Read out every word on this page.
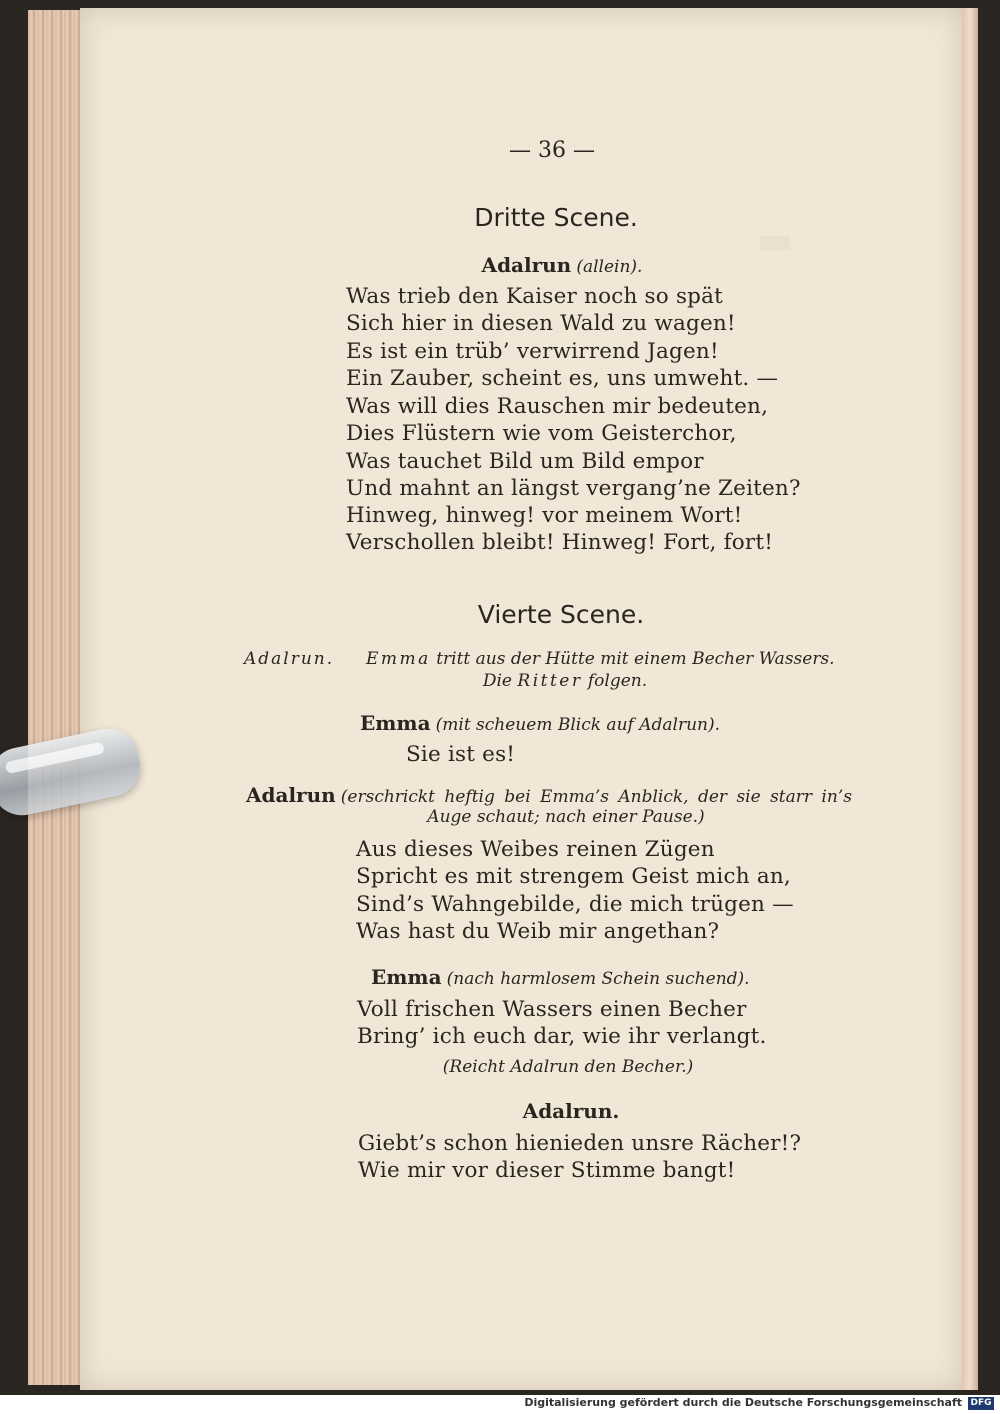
— 36 —
Dritte Scene.
Adalrun (allein).
Was trieb den Kaiser noch so spät
Sich hier in diesen Wald zu wagen!
Es ist ein trüb’ verwirrend Jagen!
Ein Zauber, scheint es, uns umweht. —
Was will dies Rauschen mir bedeuten,
Dies Flüstern wie vom Geisterchor,
Was tauchet Bild um Bild empor
Und mahnt an längst vergang’ne Zeiten?
Hinweg, hinweg! vor meinem Wort!
Verschollen bleibt! Hinweg! Fort, fort!
Vierte Scene.
Adalrun. Emma tritt aus der Hütte mit einem Becher Wassers.
Die Ritter folgen.
Emma (mit scheuem Blick auf Adalrun).
Sie ist es!
Adalrun (erschrickt heftig bei Emma’s Anblick, der sie starr in’s
Auge schaut; nach einer Pause.)
Aus dieses Weibes reinen Zügen
Spricht es mit strengem Geist mich an,
Sind’s Wahngebilde, die mich trügen —
Was hast du Weib mir angethan?
Emma (nach harmlosem Schein suchend).
Voll frischen Wassers einen Becher
Bring’ ich euch dar, wie ihr verlangt.
(Reicht Adalrun den Becher.)
Adalrun.
Giebt’s schon hienieden unsre Rächer!?
Wie mir vor dieser Stimme bangt!
Digitalisierung gefördert durch die Deutsche Forschungsgemeinschaft DFG
